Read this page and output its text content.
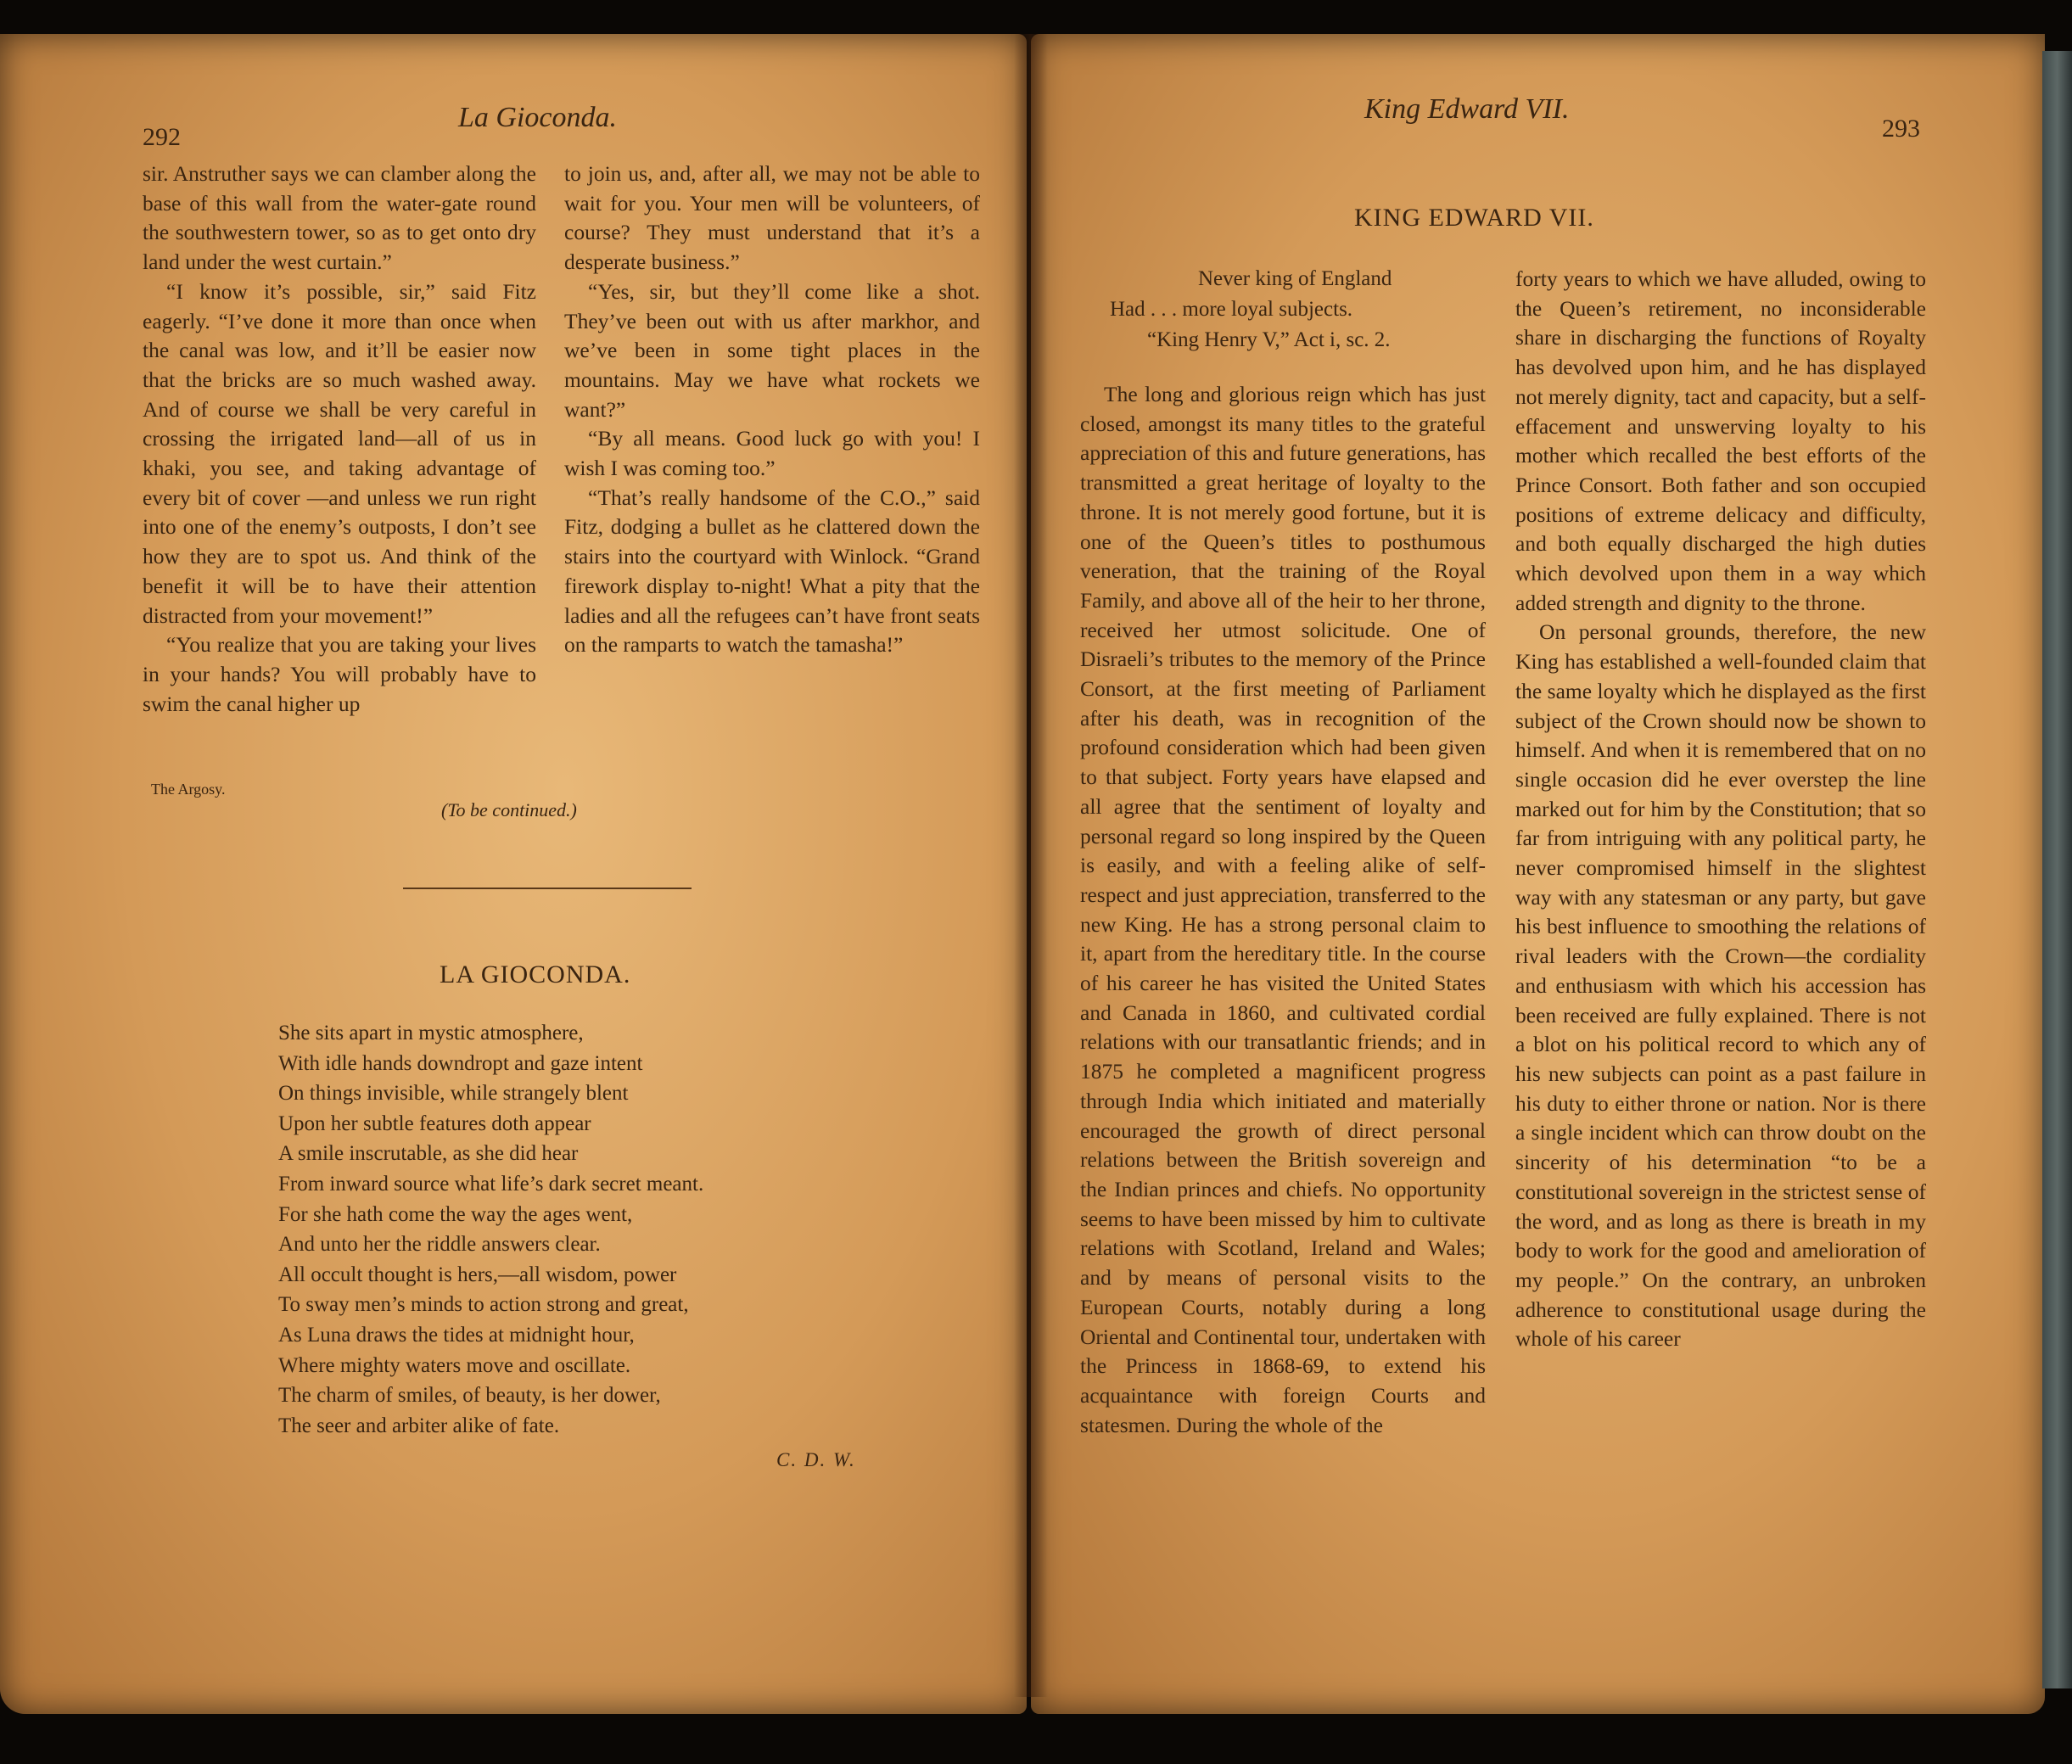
292
La Gioconda.

sir. Anstruther says we can clamber along the base of this wall from the water-gate round the southwestern tower, so as to get onto dry land under the west curtain.”

“I know it’s possible, sir,” said Fitz eagerly. “I’ve done it more than once when the canal was low, and it’ll be easier now that the bricks are so much washed away. And of course we shall be very careful in crossing the irrigated land—all of us in khaki, you see, and taking advantage of every bit of cover —and unless we run right into one of the enemy’s outposts, I don’t see how they are to spot us. And think of the benefit it will be to have their attention distracted from your movement!”

“You realize that you are taking your lives in your hands? You will probably have to swim the canal higher up

to join us, and, after all, we may not be able to wait for you. Your men will be volunteers, of course? They must understand that it’s a desperate business.”

“Yes, sir, but they’ll come like a shot. They’ve been out with us after markhor, and we’ve been in some tight places in the mountains. May we have what rockets we want?”

“By all means. Good luck go with you! I wish I was coming too.”

“That’s really handsome of the C.O.,” said Fitz, dodging a bullet as he clattered down the stairs into the courtyard with Winlock. “Grand firework display to-night! What a pity that the ladies and all the refugees can’t have front seats on the ramparts to watch the tamasha!”

The Argosy.
(To be continued.)
LA GIOCONDA.
She sits apart in mystic atmosphere,
With idle hands downdropt and gaze intent
On things invisible, while strangely blent
Upon her subtle features doth appear
A smile inscrutable, as she did hear
From inward source what life’s dark secret meant.
For she hath come the way the ages went,
And unto her the riddle answers clear.
All occult thought is hers,—all wisdom, power
To sway men’s minds to action strong and great,
As Luna draws the tides at midnight hour,
Where mighty waters move and oscillate.
The charm of smiles, of beauty, is her dower,
The seer and arbiter alike of fate.
C. D. W.
King Edward VII.
293
KING EDWARD VII.
Never king of England
Had . . . more loyal subjects.
“King Henry V,” Act i, sc. 2.

The long and glorious reign which has just closed, amongst its many titles to the grateful appreciation of this and future generations, has transmitted a great heritage of loyalty to the throne. It is not merely good fortune, but it is one of the Queen’s titles to posthumous veneration, that the training of the Royal Family, and above all of the heir to her throne, received her utmost solicitude. One of Disraeli’s tributes to the memory of the Prince Consort, at the first meeting of Parliament after his death, was in recognition of the profound consideration which had been given to that subject. Forty years have elapsed and all agree that the sentiment of loyalty and personal regard so long inspired by the Queen is easily, and with a feeling alike of self-respect and just appreciation, transferred to the new King. He has a strong personal claim to it, apart from the hereditary title. In the course of his career he has visited the United States and Canada in 1860, and cultivated cordial relations with our transatlantic friends; and in 1875 he completed a magnificent progress through India which initiated and materially encouraged the growth of direct personal relations between the British sovereign and the Indian princes and chiefs. No opportunity seems to have been missed by him to cultivate relations with Scotland, Ireland and Wales; and by means of personal visits to the European Courts, notably during a long Oriental and Continental tour, undertaken with the Princess in 1868-69, to extend his acquaintance with foreign Courts and statesmen. During the whole of the

forty years to which we have alluded, owing to the Queen’s retirement, no inconsiderable share in discharging the functions of Royalty has devolved upon him, and he has displayed not merely dignity, tact and capacity, but a self-effacement and unswerving loyalty to his mother which recalled the best efforts of the Prince Consort. Both father and son occupied positions of extreme delicacy and difficulty, and both equally discharged the high duties which devolved upon them in a way which added strength and dignity to the throne.

On personal grounds, therefore, the new King has established a well-founded claim that the same loyalty which he displayed as the first subject of the Crown should now be shown to himself. And when it is remembered that on no single occasion did he ever overstep the line marked out for him by the Constitution; that so far from intriguing with any political party, he never compromised himself in the slightest way with any statesman or any party, but gave his best influence to smoothing the relations of rival leaders with the Crown—the cordiality and enthusiasm with which his accession has been received are fully explained. There is not a blot on his political record to which any of his new subjects can point as a past failure in his duty to either throne or nation. Nor is there a single incident which can throw doubt on the sincerity of his determination “to be a constitutional sovereign in the strictest sense of the word, and as long as there is breath in my body to work for the good and amelioration of my people.” On the contrary, an unbroken adherence to constitutional usage during the whole of his career
